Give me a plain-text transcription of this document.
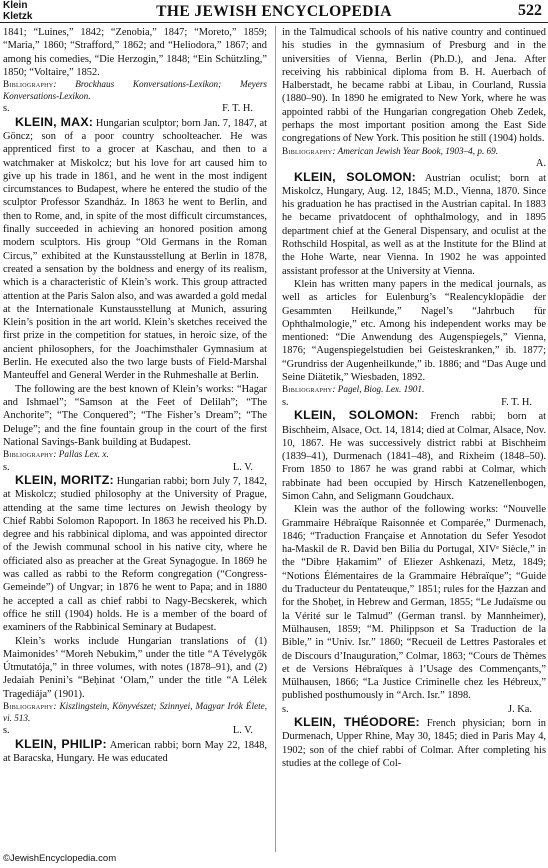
Klein
Kletzk	THE JEWISH ENCYCLOPEDIA	522

1841; “Luines,” 1842; “Zenobia,” 1847; “Moreto,” 1859; “Maria,” 1860; “Strafford,” 1862; and “Heliodora,” 1867; and among his comedies, “Die Herzogin,” 1848; “Ein Schützling,” 1850; “Voltaire,” 1852.

Bibliography: Brockhaus Konversations-Lexikon; Meyers Konversations-Lexikon.

s.	F. T. H.

KLEIN, MAX: Hungarian sculptor; born Jan. 7, 1847, at Göncz; son of a poor country schoolteacher. He was apprenticed first to a grocer at Kaschau, and then to a watchmaker at Miskolcz; but his love for art caused him to give up his trade in 1861, and he went in the most indigent circumstances to Budapest, where he entered the studio of the sculptor Professor Szandház. In 1863 he went to Berlin, and then to Rome, and, in spite of the most difficult circumstances, finally succeeded in achieving an honored position among modern sculptors. His group “Old Germans in the Roman Circus,” exhibited at the Kunstausstellung at Berlin in 1878, created a sensation by the boldness and energy of its realism, which is a characteristic of Klein’s work. This group attracted attention at the Paris Salon also, and was awarded a gold medal at the Internationale Kunstausstellung at Munich, assuring Klein’s position in the art world. Klein’s sketches received the first prize in the competition for statues, in heroic size, of the ancient philosophers, for the Joachimsthaler Gymnasium at Berlin. He executed also the two large busts of Field-Marshal Manteuffel and General Werder in the Ruhmeshalle at Berlin.

The following are the best known of Klein’s works: “Hagar and Ishmael”; “Samson at the Feet of Delilah”; “The Anchorite”; “The Conquered”; “The Fisher’s Dream”; “The Deluge”; and the fine fountain group in the court of the first National Savings-Bank building at Budapest.

Bibliography: Pallas Lex. x.

s.	L. V.

KLEIN, MORITZ: Hungarian rabbi; born July 7, 1842, at Miskolcz; studied philosophy at the University of Prague, attending at the same time lectures on Jewish theology by Chief Rabbi Solomon Rapoport. In 1863 he received his Ph.D. degree and his rabbinical diploma, and was appointed director of the Jewish communal school in his native city, where he officiated also as preacher at the Great Synagogue. In 1869 he was called as rabbi to the Reform congregation (“Congress-Gemeinde”) of Ungvar; in 1876 he went to Papa; and in 1880 he accepted a call as chief rabbi to Nagy-Becskerek, which office he still (1904) holds. He is a member of the board of examiners of the Rabbinical Seminary at Budapest.

Klein’s works include Hungarian translations of (1) Maimonides’ “Moreh Nebukim,” under the title “A Tévelygők Útmutatója,” in three volumes, with notes (1878–91), and (2) Jedaiah Penini’s “Beḥinat ‘Olam,” under the title “A Lélek Tragediája” (1901).

Bibliography: Kiszlingstein, Könyvészet; Szinnyei, Magyar Irók Élete, vi. 513.

s.	L. V.

KLEIN, PHILIP: American rabbi; born May 22, 1848, at Baracska, Hungary. He was educated

in the Talmudical schools of his native country and continued his studies in the gymnasium of Presburg and in the universities of Vienna, Berlin (Ph.D.), and Jena. After receiving his rabbinical diploma from B. H. Auerbach of Halberstadt, he became rabbi at Libau, in Courland, Russia (1880–90). In 1890 he emigrated to New York, where he was appointed rabbi of the Hungarian congregation Oheb Zedek, perhaps the most important position among the East Side congregations of New York. This position he still (1904) holds.

Bibliography: American Jewish Year Book, 1903–4, p. 69.

A.

KLEIN, SOLOMON: Austrian oculist; born at Miskolcz, Hungary, Aug. 12, 1845; M.D., Vienna, 1870. Since his graduation he has practised in the Austrian capital. In 1883 he became privatdocent of ophthalmology, and in 1895 department chief at the General Dispensary, and oculist at the Rothschild Hospital, as well as at the Institute for the Blind at the Hohe Warte, near Vienna. In 1902 he was appointed assistant professor at the University at Vienna.

Klein has written many papers in the medical journals, as well as articles for Eulenburg’s “Realencyklopädie der Gesammten Heilkunde,” Nagel’s “Jahrbuch für Ophthalmologie,” etc. Among his independent works may be mentioned: “Die Anwendung des Augenspiegels,” Vienna, 1876; “Augenspiegelstudien bei Geisteskranken,” ib. 1877; “Grundriss der Augenheilkunde,” ib. 1886; and “Das Auge und Seine Diätetik,” Wiesbaden, 1892.

Bibliography: Pagel, Biog. Lex. 1901.

s.	F. T. H.

KLEIN, SOLOMON: French rabbi; born at Bischheim, Alsace, Oct. 14, 1814; died at Colmar, Alsace, Nov. 10, 1867. He was successively district rabbi at Bischheim (1839–41), Durmenach (1841–48), and Rixheim (1848–50). From 1850 to 1867 he was grand rabbi at Colmar, which rabbinate had been occupied by Hirsch Katzenellenbogen, Simon Cahn, and Seligmann Goudchaux.

Klein was the author of the following works: “Nouvelle Grammaire Hébraïque Raisonnée et Comparée,” Durmenach, 1846; “Traduction Française et Annotation du Sefer Yesodot ha-Maskil de R. David ben Bilia du Portugal, XIVᵉ Siècle,” in the “Dibre Ḥakamim” of Eliezer Ashkenazi, Metz, 1849; “Notions Élémentaires de la Grammaire Hébraïque”; “Guide du Traducteur du Pentateuque,” 1851; rules for the Ḥazzan and for the Shoḥeṭ, in Hebrew and German, 1855; “Le Judaïsme ou la Vérité sur le Talmud” (German transl. by Mannheimer), Mülhausen, 1859; “M. Philippson et Sa Traduction de la Bible,” in “Univ. Isr.” 1860; “Recueil de Lettres Pastorales et de Discours d’Inauguration,” Colmar, 1863; “Cours de Thèmes et de Versions Hébraïques à l’Usage des Commençants,” Mülhausen, 1866; “La Justice Criminelle chez les Hébreux,” published posthumously in “Arch. Isr.” 1898.

s.	J. Ka.

KLEIN, THÉODORE: French physician; born in Durmenach, Upper Rhine, May 30, 1845; died in Paris May 4, 1902; son of the chief rabbi of Colmar. After completing his studies at the college of Col-

©JewishEncyclopedia.com
